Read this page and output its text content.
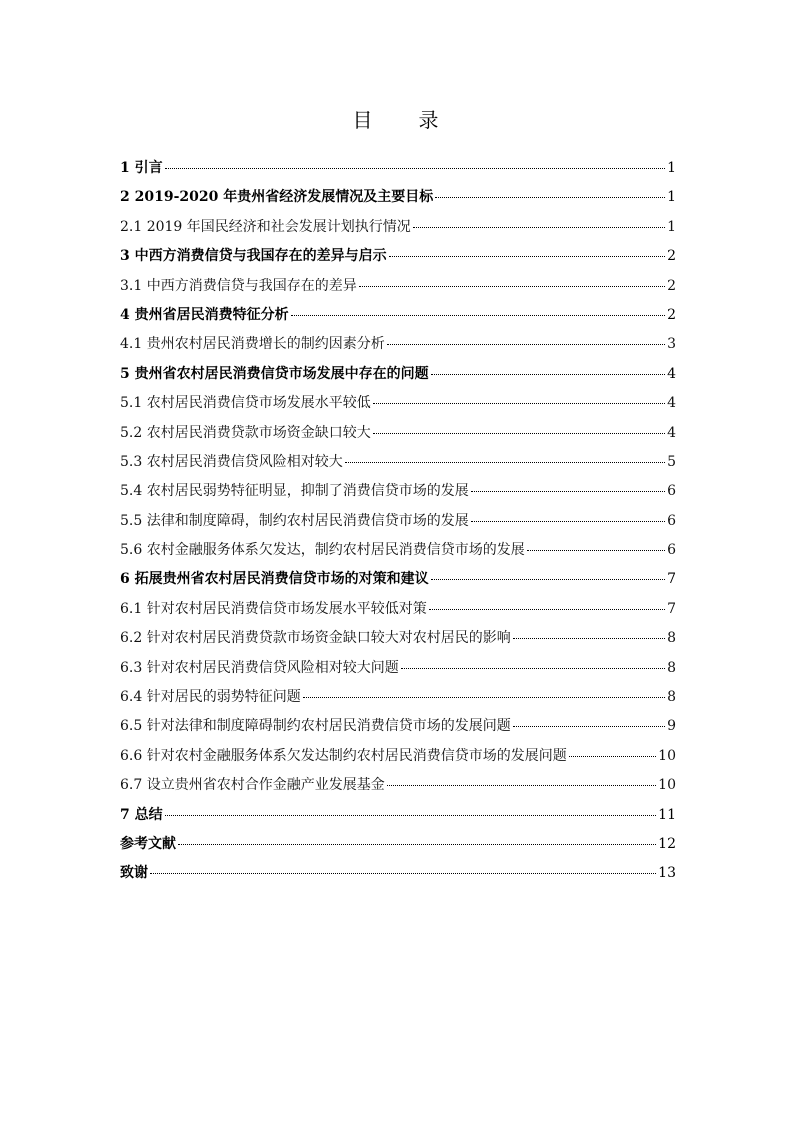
目　　录
1 引言	1
2 2019-2020 年贵州省经济发展情况及主要目标	1
2.1 2019 年国民经济和社会发展计划执行情况	1
3 中西方消费信贷与我国存在的差异与启示	2
3.1 中西方消费信贷与我国存在的差异	2
4 贵州省居民消费特征分析	2
4.1 贵州农村居民消费增长的制约因素分析	3
5 贵州省农村居民消费信贷市场发展中存在的问题	4
5.1 农村居民消费信贷市场发展水平较低	4
5.2 农村居民消费贷款市场资金缺口较大	4
5.3 农村居民消费信贷风险相对较大	5
5.4 农村居民弱势特征明显，抑制了消费信贷市场的发展	6
5.5 法律和制度障碍，制约农村居民消费信贷市场的发展	6
5.6 农村金融服务体系欠发达，制约农村居民消费信贷市场的发展	6
6 拓展贵州省农村居民消费信贷市场的对策和建议	7
6.1 针对农村居民消费信贷市场发展水平较低对策	7
6.2 针对农村居民消费贷款市场资金缺口较大对农村居民的影响	8
6.3 针对农村居民消费信贷风险相对较大问题	8
6.4 针对居民的弱势特征问题	8
6.5 针对法律和制度障碍制约农村居民消费信贷市场的发展问题	9
6.6 针对农村金融服务体系欠发达制约农村居民消费信贷市场的发展问题	10
6.7 设立贵州省农村合作金融产业发展基金	10
7 总结	11
参考文献	12
致谢	13
